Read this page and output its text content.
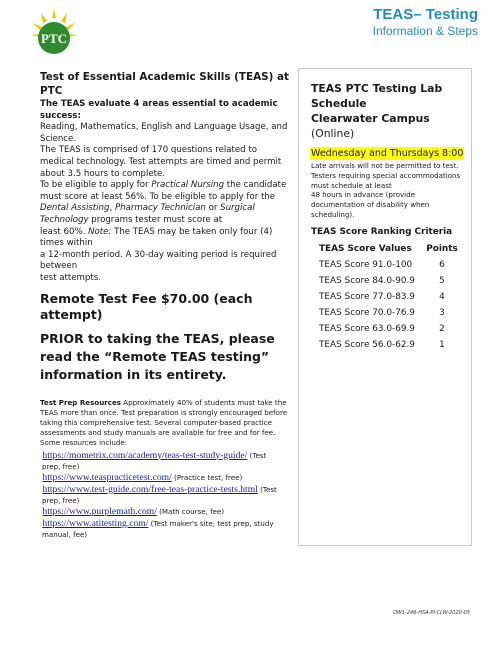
PTC
TEAS– Testing
Information & Steps
Test of Essential Academic Skills (TEAS) at PTC
The TEAS evaluate 4 areas essential to academic success:
Reading, Mathematics, English and Language Usage, and Science.
The TEAS is comprised of 170 questions related to medical technology. Test attempts are timed and permit about 3.5 hours to complete.
To be eligible to apply for Practical Nursing the candidate must score at least 56%. To be eligible to apply for the Dental Assisting, Pharmacy Technician or Surgical Technology programs tester must score at
least 60%. Note: The TEAS may be taken only four (4) times within
a 12-month period. A 30-day waiting period is required between
test attempts.
Remote Test Fee $70.00 (each attempt)
PRIOR to taking the TEAS, please read the “Remote TEAS testing” information in its entirety.
Test Prep Resources Approximately 40% of students must take the TEAS more than once. Test preparation is strongly encouraged before taking this comprehensive test. Several computer-based practice assessments and study manuals are available for free and for fee. Some resources include:
https://mometrix.com/academy/teas-test-study-guide/ (Test
prep, free)
https://www.teaspracticetest.com/ (Practice test, free)
https://www.test-guide.com/free-teas-practice-tests.html (Test
prep, free)
https://www.purplemath.com/ (Math course, fee)
https://www.atitesting.com/ (Test maker's site; test prep, study
manual, fee)
TEAS PTC Testing Lab
Schedule
Clearwater Campus (Online)
Wednesday and Thursdays 8:00
Late arrivals will not be permitted to test.
Testers requiring special accommodations
must schedule at least
48 hours in advance (provide
documentation of disability when
scheduling).
TEAS Score Ranking Criteria
TEAS Score Values	Points
TEAS Score 91.0-100	6
TEAS Score 84.0-90.9	5
TEAS Score 77.0-83.9	4
TEAS Score 70.0-76.9	3
TEAS Score 63.0-69.9	2
TEAS Score 56.0-62.9	1
OW1-246-HSA-PI-CLW-2020-05
